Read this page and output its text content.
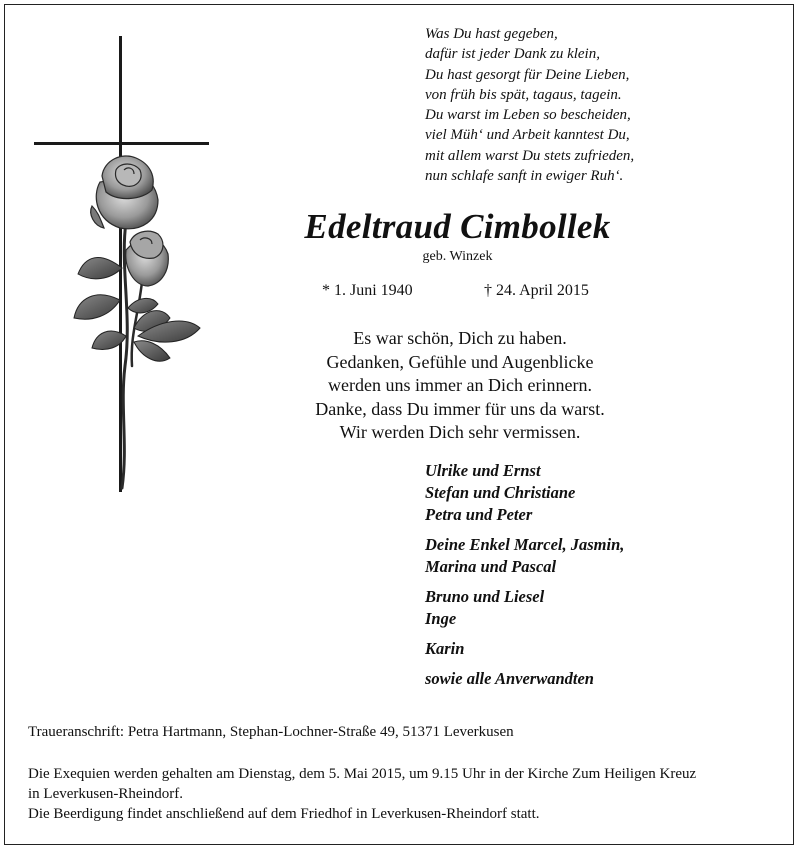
Was Du hast gegeben,
dafür ist jeder Dank zu klein,
Du hast gesorgt für Deine Lieben,
von früh bis spät, tagaus, tagein.
Du warst im Leben so bescheiden,
viel Müh‘ und Arbeit kanntest Du,
mit allem warst Du stets zufrieden,
nun schlafe sanft in ewiger Ruh‘.
Edeltraud Cimbollek
geb. Winzek
* 1. Juni 1940	† 24. April 2015
Es war schön, Dich zu haben.
Gedanken, Gefühle und Augenblicke
werden uns immer an Dich erinnern.
Danke, dass Du immer für uns da warst.
Wir werden Dich sehr vermissen.
Ulrike und Ernst
Stefan und Christiane
Petra und Peter
Deine Enkel Marcel, Jasmin,
Marina und Pascal
Bruno und Liesel
Inge
Karin
sowie alle Anverwandten
Traueranschrift: Petra Hartmann, Stephan-Lochner-Straße 49, 51371 Leverkusen
Die Exequien werden gehalten am Dienstag, dem 5. Mai 2015, um 9.15 Uhr in der Kirche Zum Heiligen Kreuz
in Leverkusen-Rheindorf.
Die Beerdigung findet anschließend auf dem Friedhof in Leverkusen-Rheindorf statt.
